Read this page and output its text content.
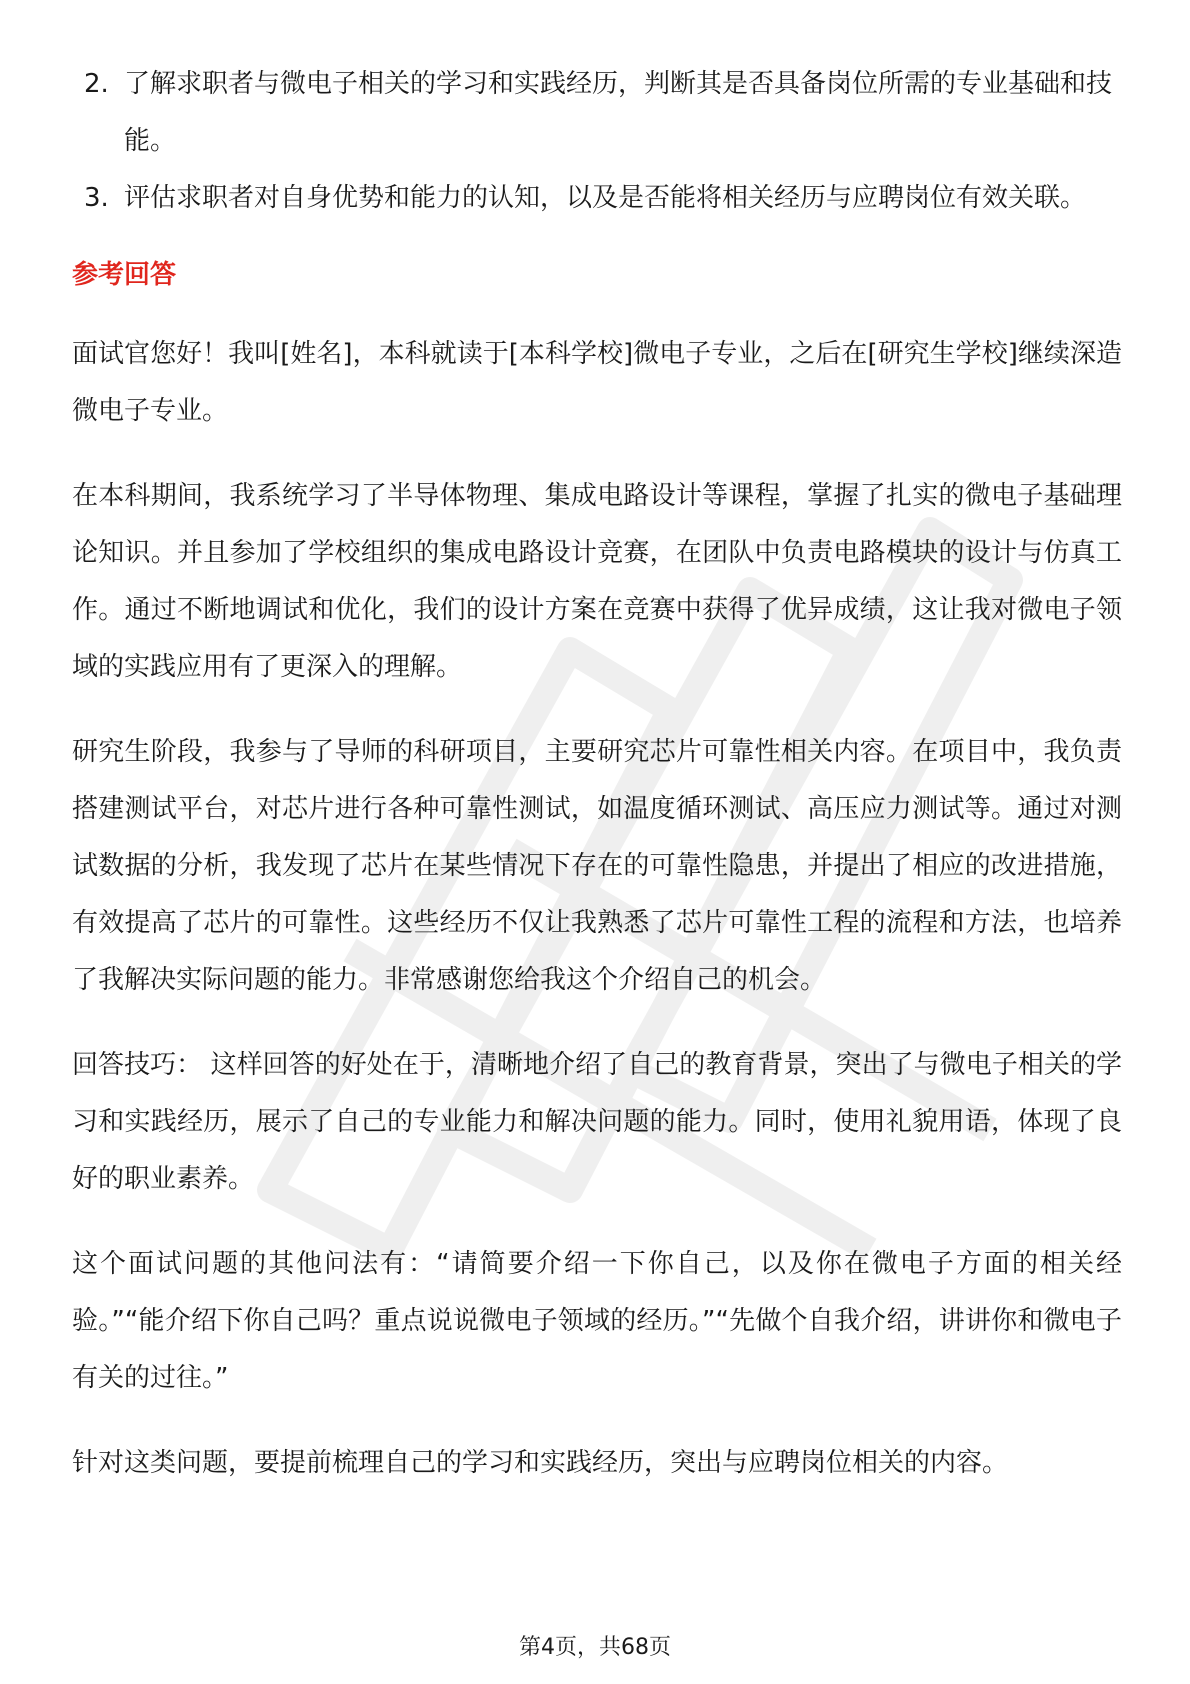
2. 了解求职者与微电子相关的学习和实践经历，判断其是否具备岗位所需的专业基础和技能。
3. 评估求职者对自身优势和能力的认知，以及是否能将相关经历与应聘岗位有效关联。
参考回答

面试官您好！我叫[姓名]，本科就读于[本科学校]微电子专业，之后在[研究生学校]继续深造微电子专业。

在本科期间，我系统学习了半导体物理、集成电路设计等课程，掌握了扎实的微电子基础理论知识。并且参加了学校组织的集成电路设计竞赛，在团队中负责电路模块的设计与仿真工作。通过不断地调试和优化，我们的设计方案在竞赛中获得了优异成绩，这让我对微电子领域的实践应用有了更深入的理解。

研究生阶段，我参与了导师的科研项目，主要研究芯片可靠性相关内容。在项目中，我负责搭建测试平台，对芯片进行各种可靠性测试，如温度循环测试、高压应力测试等。通过对测试数据的分析，我发现了芯片在某些情况下存在的可靠性隐患，并提出了相应的改进措施，有效提高了芯片的可靠性。这些经历不仅让我熟悉了芯片可靠性工程的流程和方法，也培养了我解决实际问题的能力。非常感谢您给我这个介绍自己的机会。

回答技巧： 这样回答的好处在于，清晰地介绍了自己的教育背景，突出了与微电子相关的学习和实践经历，展示了自己的专业能力和解决问题的能力。同时，使用礼貌用语，体现了良好的职业素养。

这个面试问题的其他问法有：“请简要介绍一下你自己，以及你在微电子方面的相关经验。”“能介绍下你自己吗？重点说说微电子领域的经历。”“先做个自我介绍，讲讲你和微电子有关的过往。”

针对这类问题，要提前梳理自己的学习和实践经历，突出与应聘岗位相关的内容。

第4页，共68页
